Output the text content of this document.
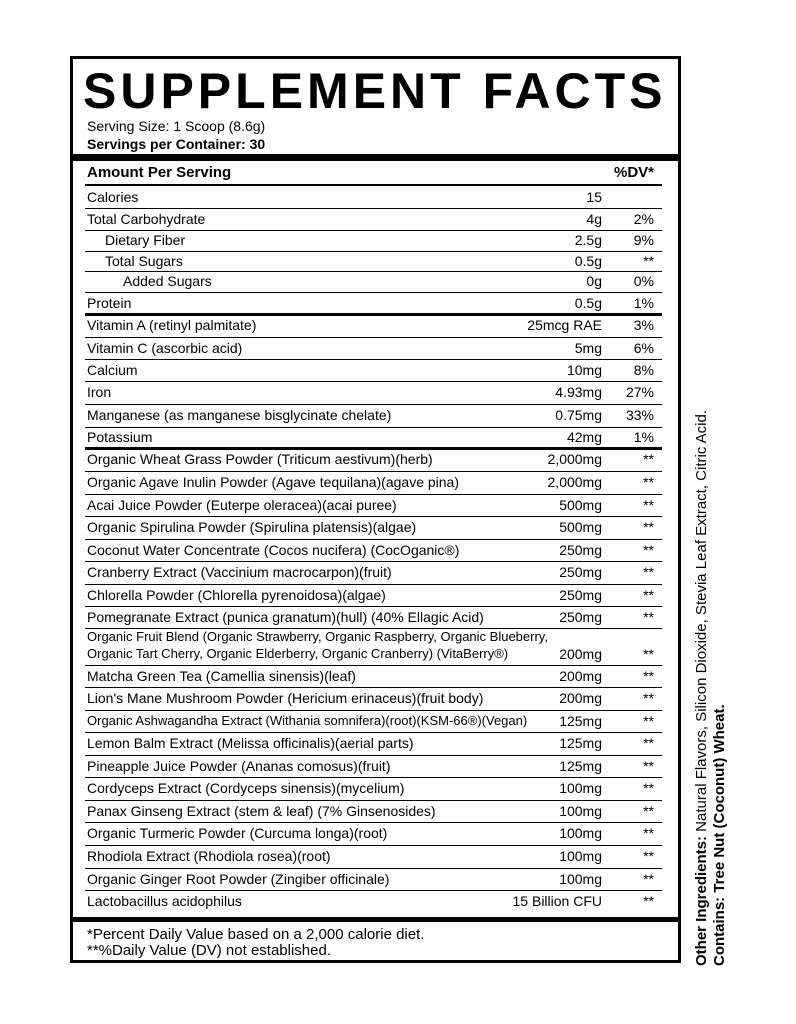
SUPPLEMENT FACTS
Serving Size: 1 Scoop (8.6g)
Servings per Container: 30
Amount Per Serving	%DV*
Calories	15
Total Carbohydrate	4g 2%
Dietary Fiber	2.5g 9%
Total Sugars	0.5g	**
Added Sugars	0g 0%
Protein	0.5g 1%
Vitamin A (retinyl palmitate)	25mcg RAE 3%
Vitamin C (ascorbic acid)	5mg 6%
Calcium	10mg 8%
Iron	4.93mg 27%
Manganese (as manganese bisglycinate chelate)	0.75mg 33%
Potassium	42mg 1%
Organic Wheat Grass Powder (Triticum aestivum)(herb)	2,000mg	**
Organic Agave Inulin Powder (Agave tequilana)(agave pina)	2,000mg	**
Acai Juice Powder (Euterpe oleracea)(acai puree)	500mg	**
Organic Spirulina Powder (Spirulina platensis)(algae)	500mg	**
Coconut Water Concentrate (Cocos nucifera) (CocOganic®)	250mg	**
Cranberry Extract (Vaccinium macrocarpon)(fruit)	250mg	**
Chlorella Powder (Chlorella pyrenoidosa)(algae)	250mg	**
Pomegranate Extract (punica granatum)(hull) (40% Ellagic Acid)	250mg	**
Organic Fruit Blend (Organic Strawberry, Organic Raspberry, Organic Blueberry,
Organic Tart Cherry, Organic Elderberry, Organic Cranberry) (VitaBerry®)	200mg	**
Matcha Green Tea (Camellia sinensis)(leaf)	200mg	**
Lion's Mane Mushroom Powder (Hericium erinaceus)(fruit body)	200mg	**
Organic Ashwagandha Extract (Withania somnifera)(root)(KSM-66®)(Vegan) 125mg	**
Lemon Balm Extract (Melissa officinalis)(aerial parts)	125mg	**
Pineapple Juice Powder (Ananas comosus)(fruit)	125mg	**
Cordyceps Extract (Cordyceps sinensis)(mycelium)	100mg	**
Panax Ginseng Extract (stem & leaf) (7% Ginsenosides)	100mg	**
Organic Turmeric Powder (Curcuma longa)(root)	100mg	**
Rhodiola Extract (Rhodiola rosea)(root)	100mg	**
Organic Ginger Root Powder (Zingiber officinale)	100mg	**
Lactobacillus acidophilus	15 Billion CFU	**
*Percent Daily Value based on a 2,000 calorie diet.
**%Daily Value (DV) not established.	Other Ingredients: Natural Flavors, Silicon Dioxide, Stevia Leaf Extract, Citric Acid.
Contains: Tree Nut (Coconut) Wheat.
